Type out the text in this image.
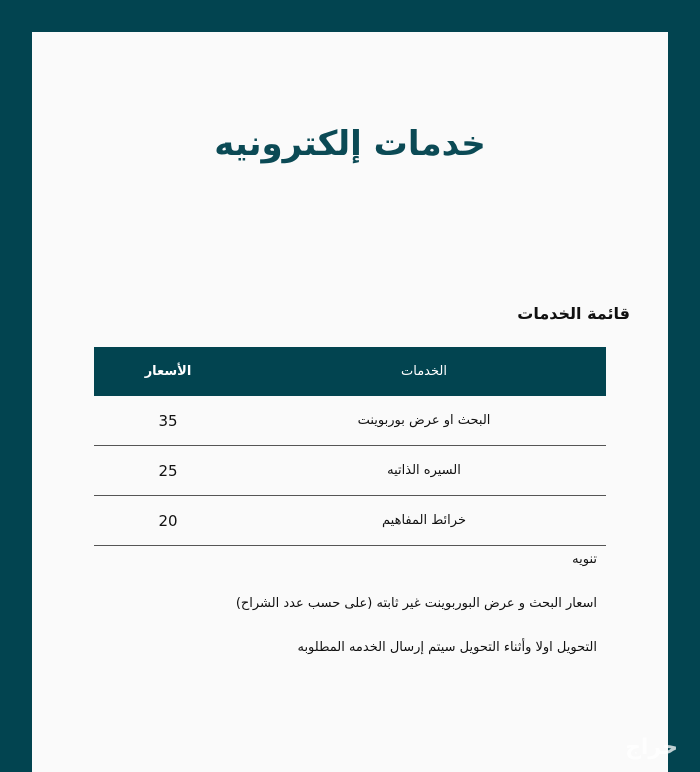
خدمات إلكترونيه
قائمة الخدمات
الخدمات	الأسعار
البحث او عرض بوربوينت	35
السيره الذاتيه	25
خرائط المفاهيم	20

تنويه

اسعار البحث و عرض البوربوينت غير ثابته (على حسب عدد الشراح)

التحويل اولا وأثناء التحويل سيتم إرسال الخدمه المطلوبه

حراج
